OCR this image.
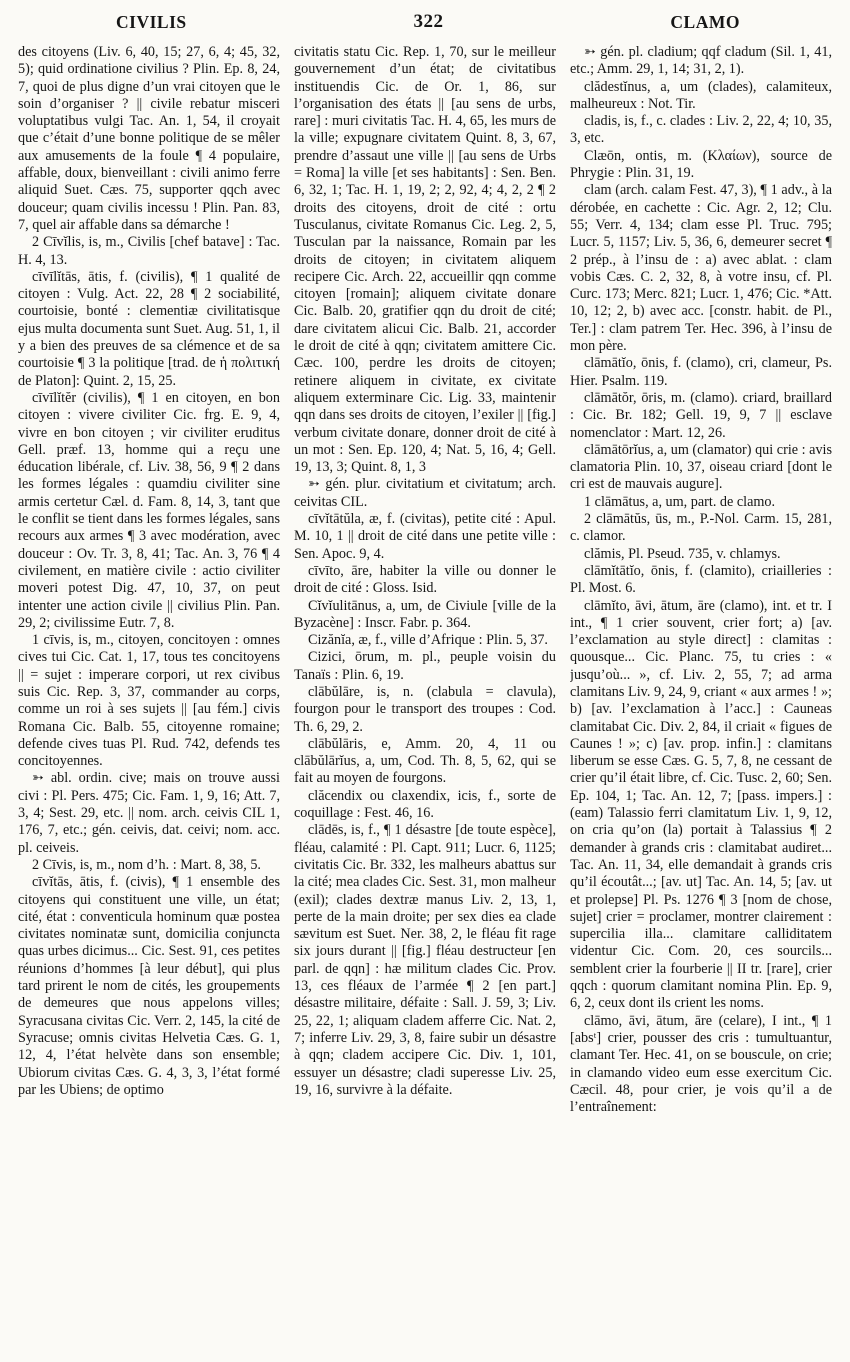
CIVILIS	322	CLAMO

des citoyens (Liv. 6, 40, 15; 27, 6, 4; 45, 32, 5); quid ordinatione civilius ? Plin. Ep. 8, 24, 7, quoi de plus digne d’un vrai citoyen que le soin d’organiser ? || civile rebatur misceri voluptatibus vulgi Tac. An. 1, 54, il croyait que c’était d’une bonne politique de se mêler aux amusements de la foule ¶ 4 populaire, affable, doux, bienveillant : civili animo ferre aliquid Suet. Cæs. 75, supporter qqch avec douceur; quam civilis incessu ! Plin. Pan. 83, 7, quel air affable dans sa démarche !

2 Cīvĭlis, is, m., Civilis [chef batave] : Tac. H. 4, 13.

cīvīlĭtās, ātis, f. (civilis), ¶ 1 qualité de citoyen : Vulg. Act. 22, 28 ¶ 2 sociabilité, courtoisie, bonté : clementiæ civilitatisque ejus multa documenta sunt Suet. Aug. 51, 1, il y a bien des preuves de sa clémence et de sa courtoisie ¶ 3 la politique [trad. de ἡ πολιτική de Platon]: Quint. 2, 15, 25.

cīvīlĭtĕr (civilis), ¶ 1 en citoyen, en bon citoyen : vivere civiliter Cic. frg. E. 9, 4, vivre en bon citoyen ; vir civiliter eruditus Gell. præf. 13, homme qui a reçu une éducation libérale, cf. Liv. 38, 56, 9 ¶ 2 dans les formes légales : quamdiu civiliter sine armis certetur Cæl. d. Fam. 8, 14, 3, tant que le conflit se tient dans les formes légales, sans recours aux armes ¶ 3 avec modération, avec douceur : Ov. Tr. 3, 8, 41; Tac. An. 3, 76 ¶ 4 civilement, en matière civile : actio civiliter moveri potest Dig. 47, 10, 37, on peut intenter une action civile || civilius Plin. Pan. 29, 2; civilissime Eutr. 7, 8.

1 cīvis, is, m., citoyen, concitoyen : omnes cives tui Cic. Cat. 1, 17, tous tes concitoyens || = sujet : imperare corpori, ut rex civibus suis Cic. Rep. 3, 37, commander au corps, comme un roi à ses sujets || [au fém.] civis Romana Cic. Balb. 55, citoyenne romaine; defende cives tuas Pl. Rud. 742, defends tes concitoyennes.

➳ abl. ordin. cive; mais on trouve aussi civi : Pl. Pers. 475; Cic. Fam. 1, 9, 16; Att. 7, 3, 4; Sest. 29, etc. || nom. arch. ceivis CIL 1, 176, 7, etc.; gén. ceivis, dat. ceivi; nom. acc. pl. ceiveis.

2 Cīvis, is, m., nom d’h. : Mart. 8, 38, 5.

cīvĭtās, ātis, f. (civis), ¶ 1 ensemble des citoyens qui constituent une ville, un état; cité, état : conventicula hominum quæ postea civitates nominatæ sunt, domicilia conjuncta quas urbes dicimus... Cic. Sest. 91, ces petites réunions d’hommes [à leur début], qui plus tard prirent le nom de cités, les groupements de demeures que nous appelons villes; Syracusana civitas Cic. Verr. 2, 145, la cité de Syracuse; omnis civitas Helvetia Cæs. G. 1, 12, 4, l’état helvète dans son ensemble; Ubiorum civitas Cæs. G. 4, 3, 3, l’état formé par les Ubiens; de optimo

civitatis statu Cic. Rep. 1, 70, sur le meilleur gouvernement d’un état; de civitatibus instituendis Cic. de Or. 1, 86, sur l’organisation des états || [au sens de urbs, rare] : muri civitatis Tac. H. 4, 65, les murs de la ville; expugnare civitatem Quint. 8, 3, 67, prendre d’assaut une ville || [au sens de Urbs = Roma] la ville [et ses habitants] : Sen. Ben. 6, 32, 1; Tac. H. 1, 19, 2; 2, 92, 4; 4, 2, 2 ¶ 2 droits des citoyens, droit de cité : ortu Tusculanus, civitate Romanus Cic. Leg. 2, 5, Tusculan par la naissance, Romain par les droits de citoyen; in civitatem aliquem recipere Cic. Arch. 22, accueillir qqn comme citoyen [romain]; aliquem civitate donare Cic. Balb. 20, gratifier qqn du droit de cité; dare civitatem alicui Cic. Balb. 21, accorder le droit de cité à qqn; civitatem amittere Cic. Cæc. 100, perdre les droits de citoyen; retinere aliquem in civitate, ex civitate aliquem exterminare Cic. Lig. 33, maintenir qqn dans ses droits de citoyen, l’exiler || [fig.] verbum civitate donare, donner droit de cité à un mot : Sen. Ep. 120, 4; Nat. 5, 16, 4; Gell. 19, 13, 3; Quint. 8, 1, 3

➳ gén. plur. civitatium et civitatum; arch. ceivitas CIL.

cīvĭtātŭla, æ, f. (civitas), petite cité : Apul. M. 10, 1 || droit de cité dans une petite ville : Sen. Apoc. 9, 4.

cīvīto, āre, habiter la ville ou donner le droit de cité : Gloss. Isid.

Cĭvĭulitānus, a, um, de Civiule [ville de la Byzacène] : Inscr. Fabr. p. 364.

Cizănĭa, æ, f., ville d’Afrique : Plin. 5, 37.

Cizici, ōrum, m. pl., peuple voisin du Tanaïs : Plin. 6, 19.

clābŭlāre, is, n. (clabula = clavula), fourgon pour le transport des troupes : Cod. Th. 6, 29, 2.

clābŭlāris, e, Amm. 20, 4, 11 ou clābŭlārĭus, a, um, Cod. Th. 8, 5, 62, qui se fait au moyen de fourgons.

clăcendix ou claxendix, icis, f., sorte de coquillage : Fest. 46, 16.

clādēs, is, f., ¶ 1 désastre [de toute espèce], fléau, calamité : Pl. Capt. 911; Lucr. 6, 1125; civitatis Cic. Br. 332, les malheurs abattus sur la cité; mea clades Cic. Sest. 31, mon malheur (exil); clades dextræ manus Liv. 2, 13, 1, perte de la main droite; per sex dies ea clade sævitum est Suet. Ner. 38, 2, le fléau fit rage six jours durant || [fig.] fléau destructeur [en parl. de qqn] : hæ militum clades Cic. Prov. 13, ces fléaux de l’armée ¶ 2 [en part.] désastre militaire, défaite : Sall. J. 59, 3; Liv. 25, 22, 1; aliquam cladem afferre Cic. Nat. 2, 7; inferre Liv. 29, 3, 8, faire subir un désastre à qqn; cladem accipere Cic. Div. 1, 101, essuyer un désastre; cladi superesse Liv. 25, 19, 16, survivre à la défaite.

➳ gén. pl. cladium; qqf cladum (Sil. 1, 41, etc.; Amm. 29, 1, 14; 31, 2, 1).

clădestĭnus, a, um (clades), calamiteux, malheureux : Not. Tir.

cladis, is, f., c. clades : Liv. 2, 22, 4; 10, 35, 3, etc.

Clæōn, ontis, m. (Κλαίων), source de Phrygie : Plin. 31, 19.

clam (arch. calam Fest. 47, 3), ¶ 1 adv., à la dérobée, en cachette : Cic. Agr. 2, 12; Clu. 55; Verr. 4, 134; clam esse Pl. Truc. 795; Lucr. 5, 1157; Liv. 5, 36, 6, demeurer secret ¶ 2 prép., à l’insu de : a) avec ablat. : clam vobis Cæs. C. 2, 32, 8, à votre insu, cf. Pl. Curc. 173; Merc. 821; Lucr. 1, 476; Cic. *Att. 10, 12; 2, b) avec acc. [constr. habit. de Pl., Ter.] : clam patrem Ter. Hec. 396, à l’insu de mon père.

clāmātĭo, ōnis, f. (clamo), cri, clameur, Ps. Hier. Psalm. 119.

clāmātŏr, ōris, m. (clamo). criard, braillard : Cic. Br. 182; Gell. 19, 9, 7 || esclave nomenclator : Mart. 12, 26.

clāmātōrĭus, a, um (clamator) qui crie : avis clamatoria Plin. 10, 37, oiseau criard [dont le cri est de mauvais augure].

1 clāmātus, a, um, part. de clamo.

2 clāmātŭs, ūs, m., P.-Nol. Carm. 15, 281, c. clamor.

clămis, Pl. Pseud. 735, v. chlamys.

clāmĭtātĭo, ōnis, f. (clamito), criailleries : Pl. Most. 6.

clāmĭto, āvi, ātum, āre (clamo), int. et tr. I int., ¶ 1 crier souvent, crier fort; a) [av. l’exclamation au style direct] : clamitas : quousque... Cic. Planc. 75, tu cries : « jusqu’où... », cf. Liv. 2, 55, 7; ad arma clamitans Liv. 9, 24, 9, criant « aux armes ! »; b) [av. l’exclamation à l’acc.] : Cauneas clamitabat Cic. Div. 2, 84, il criait « figues de Caunes ! »; c) [av. prop. infin.] : clamitans liberum se esse Cæs. G. 5, 7, 8, ne cessant de crier qu’il était libre, cf. Cic. Tusc. 2, 60; Sen. Ep. 104, 1; Tac. An. 12, 7; [pass. impers.] : (eam) Talassio ferri clamitatum Liv. 1, 9, 12, on cria qu’on (la) portait à Talassius ¶ 2 demander à grands cris : clamitabat audiret... Tac. An. 11, 34, elle demandait à grands cris qu’il écoutât...; [av. ut] Tac. An. 14, 5; [av. ut et prolepse] Pl. Ps. 1276 ¶ 3 [nom de chose, sujet] crier = proclamer, montrer clairement : supercilia illa... clamitare calliditatem videntur Cic. Com. 20, ces sourcils... semblent crier la fourberie || II tr. [rare], crier qqch : quorum clamitant nomina Plin. Ep. 9, 6, 2, ceux dont ils crient les noms.

clāmo, āvi, ātum, āre (celare), I int., ¶ 1 [absᵗ] crier, pousser des cris : tumultuantur, clamant Ter. Hec. 41, on se bouscule, on crie; in clamando video eum esse exercitum Cic. Cæcil. 48, pour crier, je vois qu’il a de l’entraînement:
